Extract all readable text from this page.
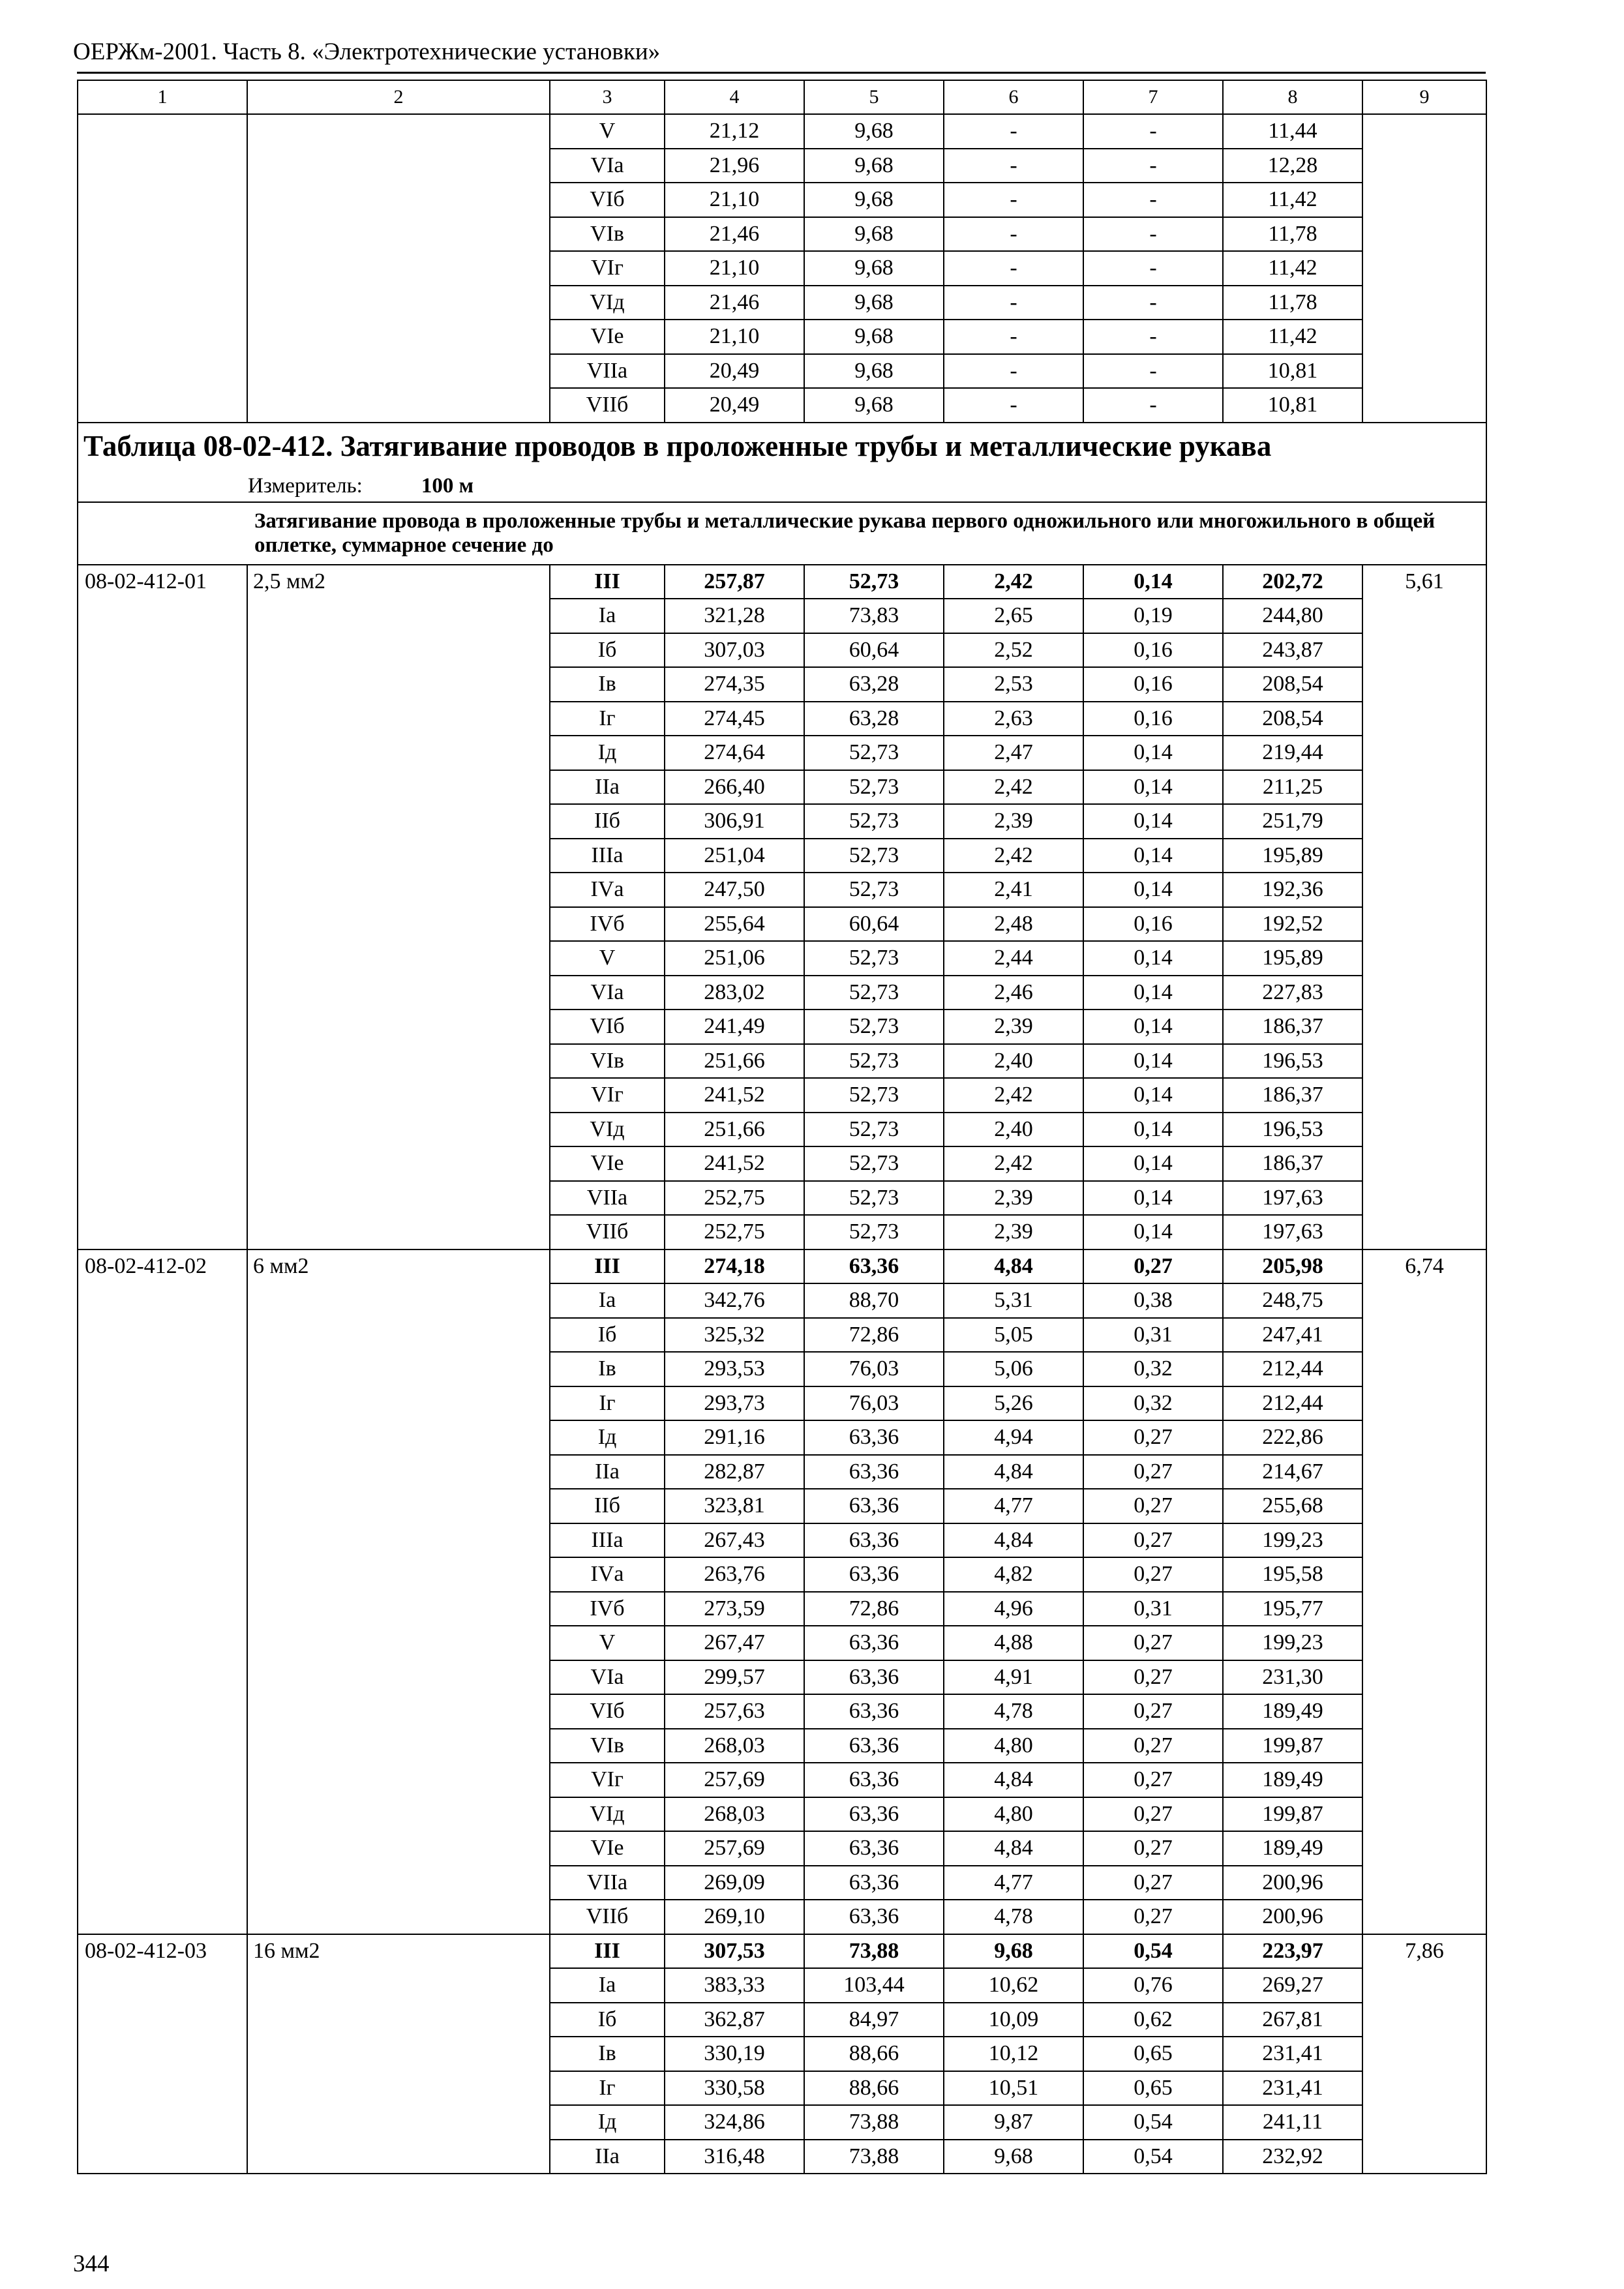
ОЕРЖм-2001. Часть 8. «Электротехнические установки»
1	2	3	4	5	6	7	8	9
		V	21,12	9,68	-	-	11,44	
		VIа	21,96	9,68	-	-	12,28	
		VIб	21,10	9,68	-	-	11,42	
		VIв	21,46	9,68	-	-	11,78	
		VIг	21,10	9,68	-	-	11,42	
		VIд	21,46	9,68	-	-	11,78	
		VIе	21,10	9,68	-	-	11,42	
		VIIа	20,49	9,68	-	-	10,81	
		VIIб	20,49	9,68	-	-	10,81	
Таблица 08-02-412. Затягивание проводов в проложенные трубы и металлические рукава								
Измеритель: 100 м								
Затягивание провода в проложенные трубы и металлические рукава первого одножильного или многожильного в общей оплетке, суммарное сечение до								
08-02-412-01	2,5 мм2	III	257,87	52,73	2,42	0,14	202,72	5,61
		Iа	321,28	73,83	2,65	0,19	244,80	
		Iб	307,03	60,64	2,52	0,16	243,87	
		Iв	274,35	63,28	2,53	0,16	208,54	
		Iг	274,45	63,28	2,63	0,16	208,54	
		Iд	274,64	52,73	2,47	0,14	219,44	
		IIа	266,40	52,73	2,42	0,14	211,25	
		IIб	306,91	52,73	2,39	0,14	251,79	
		IIIа	251,04	52,73	2,42	0,14	195,89	
		IVа	247,50	52,73	2,41	0,14	192,36	
		IVб	255,64	60,64	2,48	0,16	192,52	
		V	251,06	52,73	2,44	0,14	195,89	
		VIа	283,02	52,73	2,46	0,14	227,83	
		VIб	241,49	52,73	2,39	0,14	186,37	
		VIв	251,66	52,73	2,40	0,14	196,53	
		VIг	241,52	52,73	2,42	0,14	186,37	
		VIд	251,66	52,73	2,40	0,14	196,53	
		VIе	241,52	52,73	2,42	0,14	186,37	
		VIIа	252,75	52,73	2,39	0,14	197,63	
		VIIб	252,75	52,73	2,39	0,14	197,63	
08-02-412-02	6 мм2	III	274,18	63,36	4,84	0,27	205,98	6,74
		Iа	342,76	88,70	5,31	0,38	248,75	
		Iб	325,32	72,86	5,05	0,31	247,41	
		Iв	293,53	76,03	5,06	0,32	212,44	
		Iг	293,73	76,03	5,26	0,32	212,44	
		Iд	291,16	63,36	4,94	0,27	222,86	
		IIа	282,87	63,36	4,84	0,27	214,67	
		IIб	323,81	63,36	4,77	0,27	255,68	
		IIIа	267,43	63,36	4,84	0,27	199,23	
		IVа	263,76	63,36	4,82	0,27	195,58	
		IVб	273,59	72,86	4,96	0,31	195,77	
		V	267,47	63,36	4,88	0,27	199,23	
		VIа	299,57	63,36	4,91	0,27	231,30	
		VIб	257,63	63,36	4,78	0,27	189,49	
		VIв	268,03	63,36	4,80	0,27	199,87	
		VIг	257,69	63,36	4,84	0,27	189,49	
		VIд	268,03	63,36	4,80	0,27	199,87	
		VIе	257,69	63,36	4,84	0,27	189,49	
		VIIа	269,09	63,36	4,77	0,27	200,96	
		VIIб	269,10	63,36	4,78	0,27	200,96	
08-02-412-03	16 мм2	III	307,53	73,88	9,68	0,54	223,97	7,86
		Iа	383,33	103,44	10,62	0,76	269,27	
		Iб	362,87	84,97	10,09	0,62	267,81	
		Iв	330,19	88,66	10,12	0,65	231,41	
		Iг	330,58	88,66	10,51	0,65	231,41	
		Iд	324,86	73,88	9,87	0,54	241,11	
		IIа	316,48	73,88	9,68	0,54	232,92	
344
